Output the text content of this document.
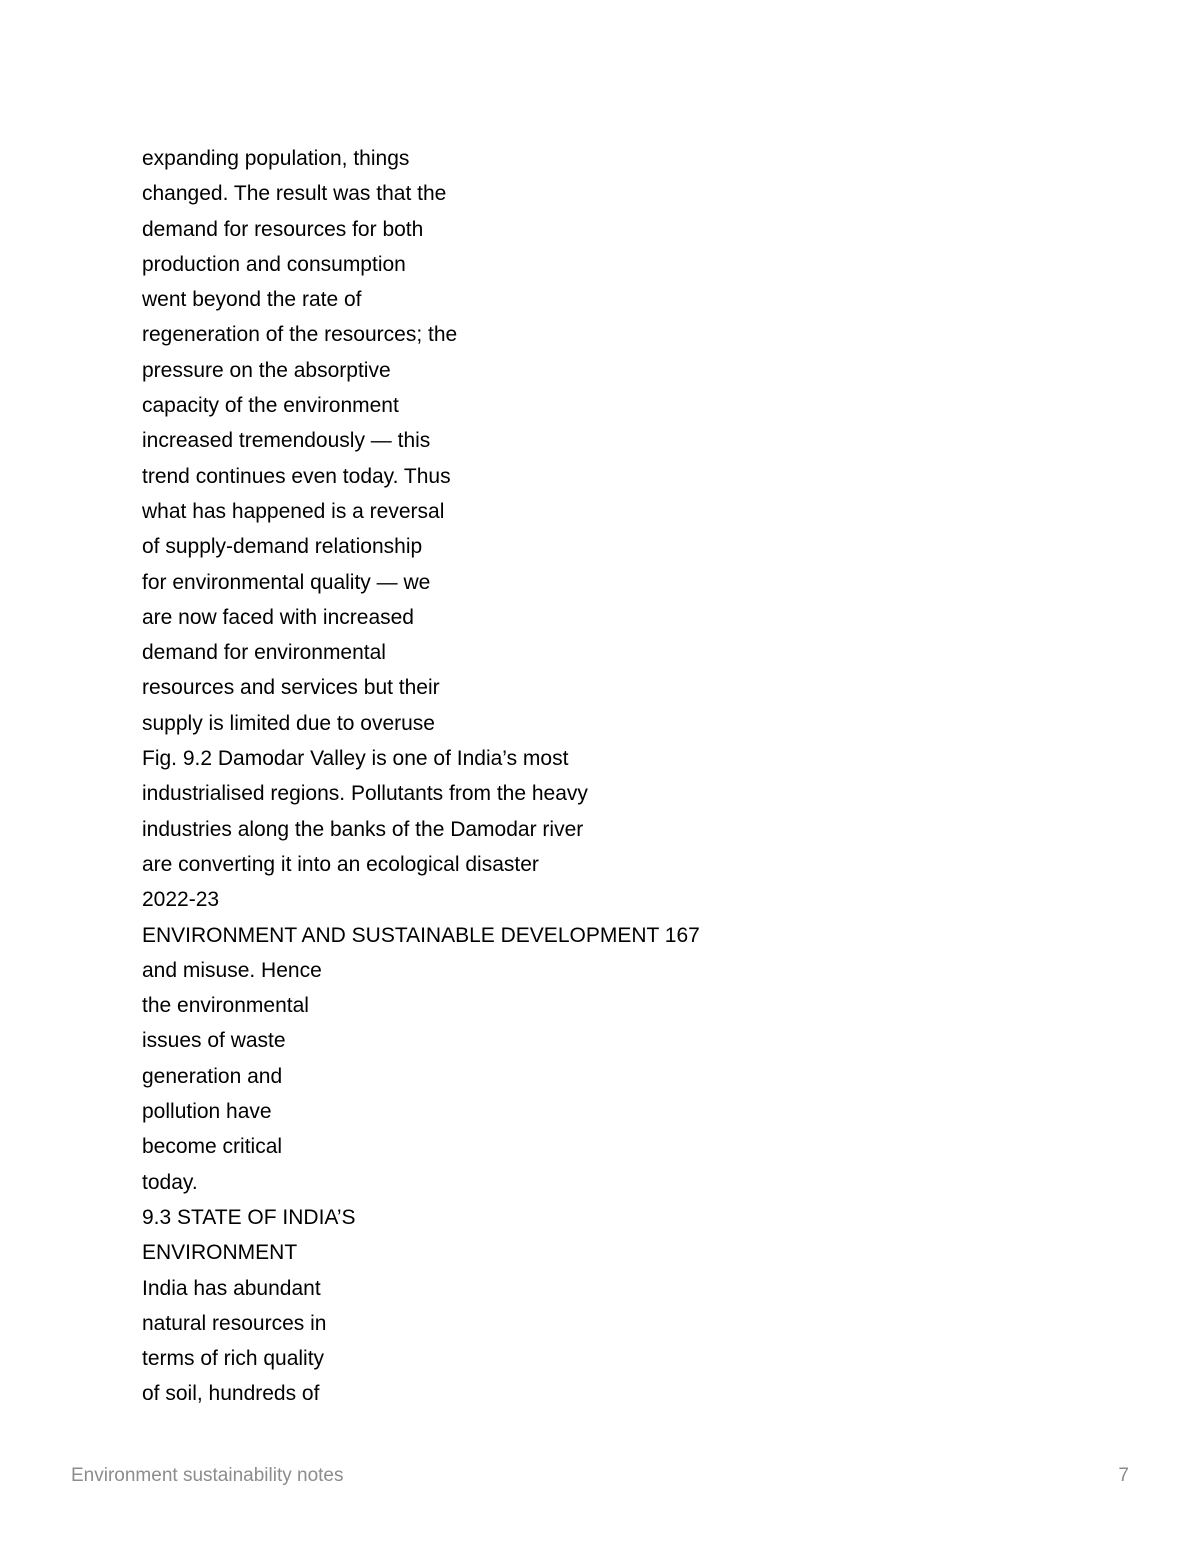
expanding population, things
changed. The result was that the
demand for resources for both
production and consumption
went beyond the rate of
regeneration of the resources; the
pressure on the absorptive
capacity of the environment
increased tremendously — this
trend continues even today. Thus
what has happened is a reversal
of supply-demand relationship
for environmental quality — we
are now faced with increased
demand for environmental
resources and services but their
supply is limited due to overuse
Fig. 9.2 Damodar Valley is one of India’s most
industrialised regions. Pollutants from the heavy
industries along the banks of the Damodar river
are converting it into an ecological disaster
2022-23
ENVIRONMENT AND SUSTAINABLE DEVELOPMENT 167
and misuse. Hence
the environmental
issues of waste
generation and
pollution have
become critical
today.
9.3 STATE OF INDIA’S
ENVIRONMENT
India has abundant
natural resources in
terms of rich quality
of soil, hundreds of
Environment sustainability notes	7
